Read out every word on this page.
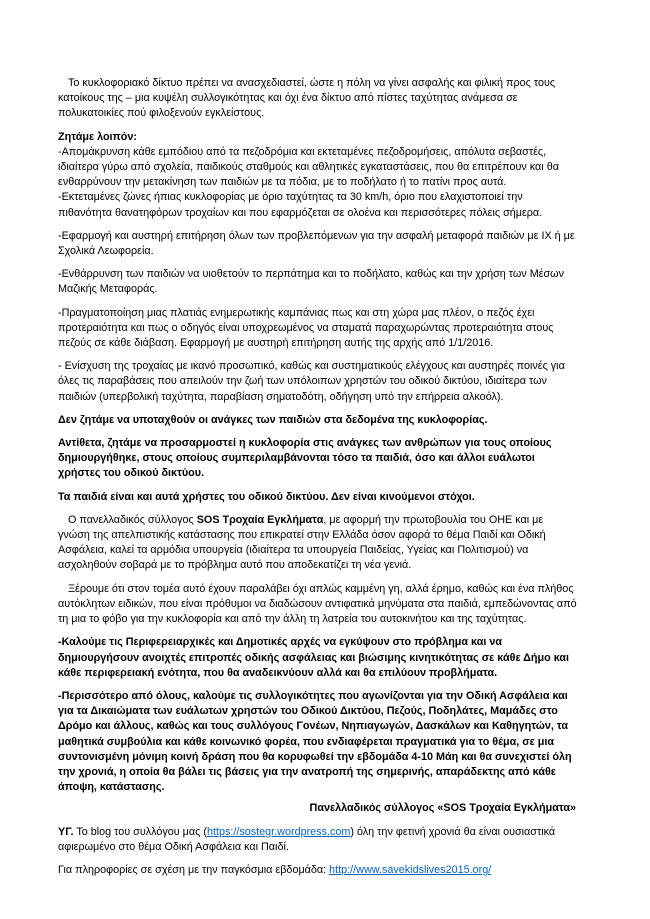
Το κυκλοφοριακό δίκτυο πρέπει να ανασχεδιαστεί, ώστε η πόλη να γίνει ασφαλής και φιλική προς τους κατοίκους της – μια κυψέλη συλλογικότητας και όχι ένα δίκτυο από πίστες ταχύτητας ανάμεσα σε πολυκατοικίες πού φιλοξενούν εγκλείστους.

Ζητάμε λοιπόν:

-Απομάκρυνση κάθε εμπόδιου από τα πεζοδρόμια και εκτεταμένες πεζοδρομήσεις, απόλυτα σεβαστές, ιδιαίτερα γύρω από σχολεία, παιδικούς σταθμούς και αθλητικές εγκαταστάσεις, που θα επιτρέπουν και θα ενθαρρύνουν την μετακίνηση των παιδιών με τα πόδια, με το ποδήλατο ή το πατίνι προς αυτά.

-Εκτεταμένες ζώνες ήπιας κυκλοφορίας με όριο ταχύτητας τα 30 km/h, όριο που ελαχιστοποιεί την πιθανότητα θανατηφόρων τροχαίων και που εφαρμόζεται σε ολοένα και περισσότερες πόλεις σήμερα.

-Εφαρμογή και αυστηρή επιτήρηση όλων των προβλεπόμενων για την ασφαλή μεταφορά παιδιών με ΙΧ ή με Σχολικά Λεωφορεία.

-Ενθάρρυνση των παιδιών να υιοθετούν το περπάτημα και το ποδήλατο, καθώς και την χρήση των Μέσων Μαζικής Μεταφοράς.

-Πραγματοποίηση μιας πλατιάς ενημερωτικής καμπάνιας πως και στη χώρα μας πλέον, ο πεζός έχει προτεραιότητα και πως ο οδηγός είναι υποχρεωμένος να σταματά παραχωρώντας προτεραιότητα στους πεζούς σε κάθε διάβαση. Εφαρμογή με αυστηρή επιτήρηση αυτής της αρχής από 1/1/2016.

- Ενίσχυση της τροχαίας με ικανό προσωπικό, καθώς και συστηματικούς ελέγχους και αυστηρές ποινές για όλες τις παραβάσεις που απειλούν την ζωή των υπόλοιπων χρηστών του οδικού δικτύου, ιδιαίτερα των παιδιών (υπερβολική ταχύτητα, παραβίαση σηματοδότη, οδήγηση υπό την επήρρεια αλκοόλ).

Δεν ζητάμε να υποταχθούν οι ανάγκες των παιδιών στα δεδομένα της κυκλοφορίας.

Αντίθετα, ζητάμε να προσαρμοστεί η κυκλοφορία στις ανάγκες των ανθρώπων για τους οποίους δημιουργήθηκε, στους οποίους συμπεριλαμβάνονται τόσο τα παιδιά, όσο και άλλοι ευάλωτοι χρήστες του οδικού δικτύου.

Τα παιδιά είναι και αυτά χρήστες του οδικού δικτύου. Δεν είναι κινούμενοι στόχοι.

Ο πανελλαδικός σύλλογος SOS Τροχαία Εγκλήματα, με αφορμή την πρωτοβουλία του ΟΗΕ και με γνώση της απελπιστικής κατάστασης που επικρατεί στην Ελλάδα όσον αφορά το θέμα Παιδί και Οδική Ασφάλεια, καλεί τα αρμόδια υπουργεία (ιδιαίτερα τα υπουργεία Παιδείας, Υγείας και Πολιτισμού) να ασχοληθούν σοβαρά με το πρόβλημα αυτό που αποδεκατίζει τη νέα γενιά.

Ξέρουμε ότι στον τομέα αυτό έχουν παραλάβει όχι απλώς καμμένη γη, αλλά έρημο, καθώς και ένα πλήθος αυτόκλητων ειδικών, που είναι πρόθυμοι να διαδώσουν αντιφατικά μηνύματα στα παιδιά, εμπεδώνοντας από τη μια το φόβο για την κυκλοφορία και από την άλλη τη λατρεία του αυτοκινήτου και της ταχύτητας.

-Καλούμε τις Περιφερειαρχικές και Δημοτικές αρχές να εγκύψουν στο πρόβλημα και να δημιουργήσουν ανοιχτές επιτροπές οδικής ασφάλειας και βιώσιμης κινητικότητας σε κάθε Δήμο και κάθε περιφερειακή ενότητα, που θα αναδεικνύουν αλλά και θα επιλύουν προβλήματα.

-Περισσότερο από όλους, καλούμε τις συλλογικότητες που αγωνίζονται για την Οδική Ασφάλεια και για τα Δικαιώματα των ευάλωτων χρηστών του Οδικού Δικτύου, Πεζούς, Ποδηλάτες, Μαμάδες στο Δρόμο και άλλους, καθώς και τους συλλόγους Γονέων, Νηπιαγωγών, Δασκάλων και Καθηγητών, τα μαθητικά συμβούλια και κάθε κοινωνικό φορέα, που ενδιαφέρεται πραγματικά για το θέμα, σε μια συντονισμένη μόνιμη κοινή δράση που θα κορυφωθεί την εβδομάδα 4-10 Μάη και θα συνεχιστεί όλη την χρονιά, η οποία θα βάλει τις βάσεις για την ανατροπή της σημερινής, απαράδεκτης από κάθε άποψη, κατάστασης.

Πανελλαδικός σύλλογος «SOS Τροχαία Εγκλήματα»

ΥΓ. Το blog του συλλόγου μας (https://sostegr.wordpress.com) όλη την φετινή χρονιά θα είναι ουσιαστικά αφιερωμένο στο θέμα Οδική Ασφάλεια και Παιδί.

Για πληροφορίες σε σχέση με την παγκόσμια εβδομάδα: http://www.savekidslives2015.org/
